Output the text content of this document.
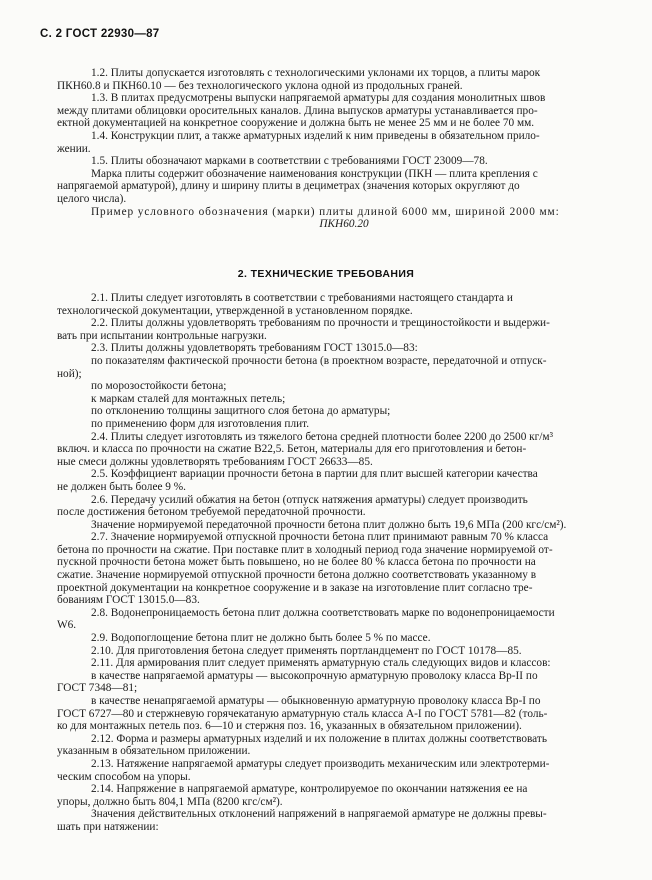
С. 2 ГОСТ 22930—87
1.2. Плиты допускается изготовлять с технологическими уклонами их торцов, а плиты марок
ПКН60.8 и ПКН60.10 — без технологического уклона одной из продольных граней.
1.3. В плитах предусмотрены выпуски напрягаемой арматуры для создания монолитных швов
между плитами облицовки оросительных каналов. Длина выпусков арматуры устанавливается про-
ектной документацией на конкретное сооружение и должна быть не менее 25 мм и не более 70 мм.
1.4. Конструкции плит, а также арматурных изделий к ним приведены в обязательном прило-
жении.
1.5. Плиты обозначают марками в соответствии с требованиями ГОСТ 23009—78.
Марка плиты содержит обозначение наименования конструкции (ПКН — плита крепления с
напрягаемой арматурой), длину и ширину плиты в дециметрах (значения которых округляют до
целого числа).
Пример условного обозначения (марки) плиты длиной 6000 мм, шириной 2000 мм:
ПКН60.20
2. ТЕХНИЧЕСКИЕ ТРЕБОВАНИЯ
2.1. Плиты следует изготовлять в соответствии с требованиями настоящего стандарта и
технологической документации, утвержденной в установленном порядке.
2.2. Плиты должны удовлетворять требованиям по прочности и трещиностойкости и выдержи-
вать при испытании контрольные нагрузки.
2.3. Плиты должны удовлетворять требованиям ГОСТ 13015.0—83:
по показателям фактической прочности бетона (в проектном возрасте, передаточной и отпуск-
ной);
по морозостойкости бетона;
к маркам сталей для монтажных петель;
по отклонению толщины защитного слоя бетона до арматуры;
по применению форм для изготовления плит.
2.4. Плиты следует изготовлять из тяжелого бетона средней плотности более 2200 до 2500 кг/м³
включ. и класса по прочности на сжатие В22,5. Бетон, материалы для его приготовления и бетон-
ные смеси должны удовлетворять требованиям ГОСТ 26633—85.
2.5. Коэффициент вариации прочности бетона в партии для плит высшей категории качества
не должен быть более 9 %.
2.6. Передачу усилий обжатия на бетон (отпуск натяжения арматуры) следует производить
после достижения бетоном требуемой передаточной прочности.
Значение нормируемой передаточной прочности бетона плит должно быть 19,6 МПа (200 кгс/см²).
2.7. Значение нормируемой отпускной прочности бетона плит принимают равным 70 % класса
бетона по прочности на сжатие. При поставке плит в холодный период года значение нормируемой от-
пускной прочности бетона может быть повышено, но не более 80 % класса бетона по прочности на
сжатие. Значение нормируемой отпускной прочности бетона должно соответствовать указанному в
проектной документации на конкретное сооружение и в заказе на изготовление плит согласно тре-
бованиям ГОСТ 13015.0—83.
2.8. Водонепроницаемость бетона плит должна соответствовать марке по водонепроницаемости
W6.
2.9. Водопоглощение бетона плит не должно быть более 5 % по массе.
2.10. Для приготовления бетона следует применять портландцемент по ГОСТ 10178—85.
2.11. Для армирования плит следует применять арматурную сталь следующих видов и классов:
в качестве напрягаемой арматуры — высокопрочную арматурную проволоку класса Вр-II по
ГОСТ 7348—81;
в качестве ненапрягаемой арматуры — обыкновенную арматурную проволоку класса Вр-I по
ГОСТ 6727—80 и стержневую горячекатаную арматурную сталь класса А-I по ГОСТ 5781—82 (толь-
ко для монтажных петель поз. 6—10 и стержня поз. 16, указанных в обязательном приложении).
2.12. Форма и размеры арматурных изделий и их положение в плитах должны соответствовать
указанным в обязательном приложении.
2.13. Натяжение напрягаемой арматуры следует производить механическим или электротерми-
ческим способом на упоры.
2.14. Напряжение в напрягаемой арматуре, контролируемое по окончании натяжения ее на
упоры, должно быть 804,1 МПа (8200 кгс/см²).
Значения действительных отклонений напряжений в напрягаемой арматуре не должны превы-
шать при натяжении:
